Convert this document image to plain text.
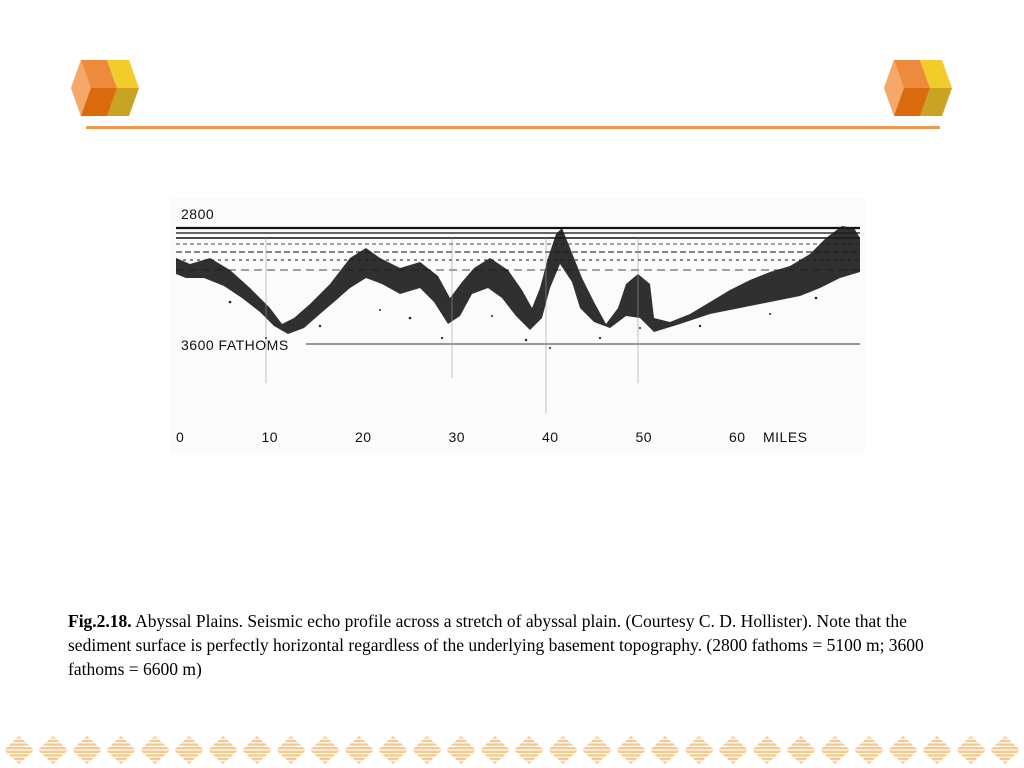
2800
3600 FATHOMS
0	10	20	30	40	50	60 MILES
Fig.2.18. Abyssal Plains. Seismic echo profile across a stretch of abyssal plain. (Courtesy C. D. Hollister). Note that the sediment surface is perfectly horizontal regardless of the underlying basement topography. (2800 fathoms = 5100 m; 3600 fathoms = 6600 m)
